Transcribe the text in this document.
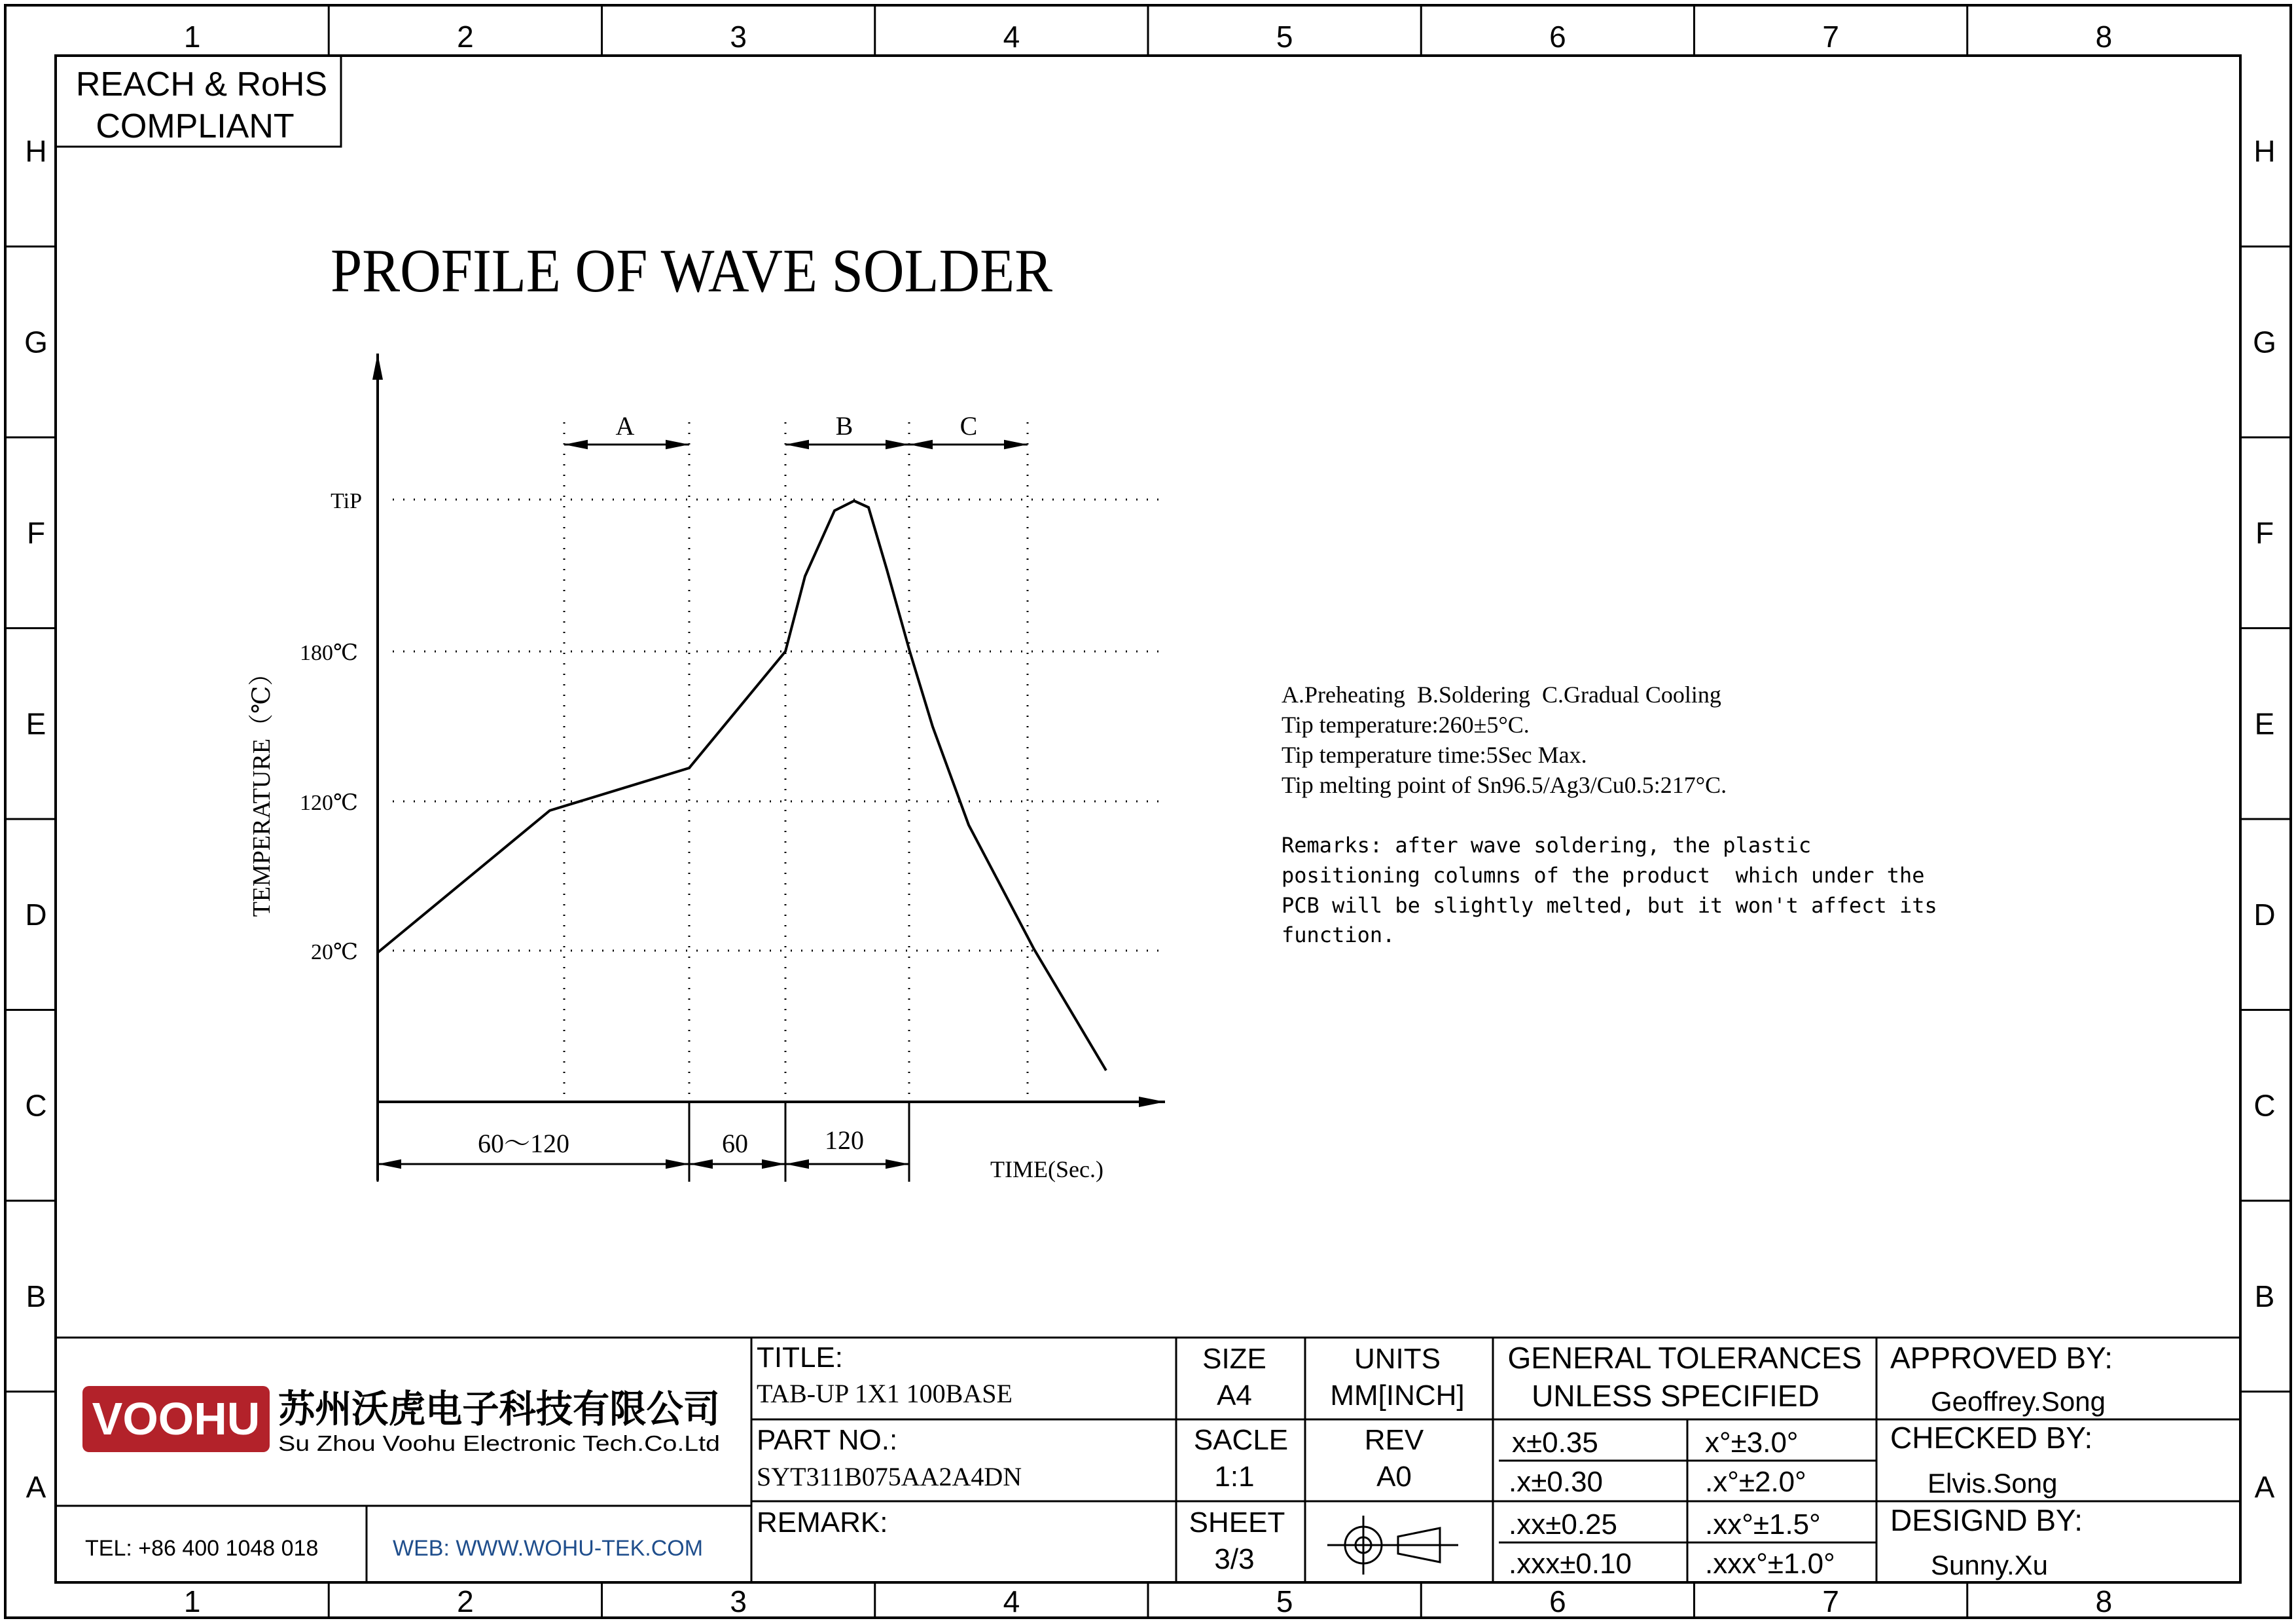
1
1
2
2
3
3
4
4
5
5
6
6
7
7
8
8
H	H
G	G
F	F
E	E
D	D
C	C
B	B
A	A
REACH & RoHS
COMPLIANT
PROFILE OF WAVE SOLDER
TiP
180℃
120℃
20℃
TEMPERATURE（℃）
A	B	C
60～120	60	120
TIME(Sec.)
A.Preheating  B.Soldering  C.Gradual Cooling
Tip temperature:260±5°C.
Tip temperature time:5Sec Max.
Tip melting point of Sn96.5/Ag3/Cu0.5:217°C.
Remarks: after wave soldering, the plastic
positioning columns of the product  which under the
PCB will be slightly melted, but it won't affect its
function.
VOOHU 苏州沃虎电子科技有限公司
Su Zhou Voohu Electronic Tech.Co.Ltd
TEL: +86 400 1048 018	WEB: WWW.WOHU-TEK.COM
TITLE:
TAB-UP 1X1 100BASE
PART NO.:
SYT311B075AA2A4DN
REMARK:
SIZE
A4
SACLE
1:1
SHEET
3/3
UNITS
MM[INCH]
REV
A0
GENERAL TOLERANCES
UNLESS SPECIFIED
x±0.35	x°±3.0°
.x±0.30	.x°±2.0°
.xx±0.25	.xx°±1.5°
.xxx±0.10	.xxx°±1.0°
APPROVED BY:
Geoffrey.Song
CHECKED BY:
Elvis.Song
DESIGND BY:
Sunny.Xu
